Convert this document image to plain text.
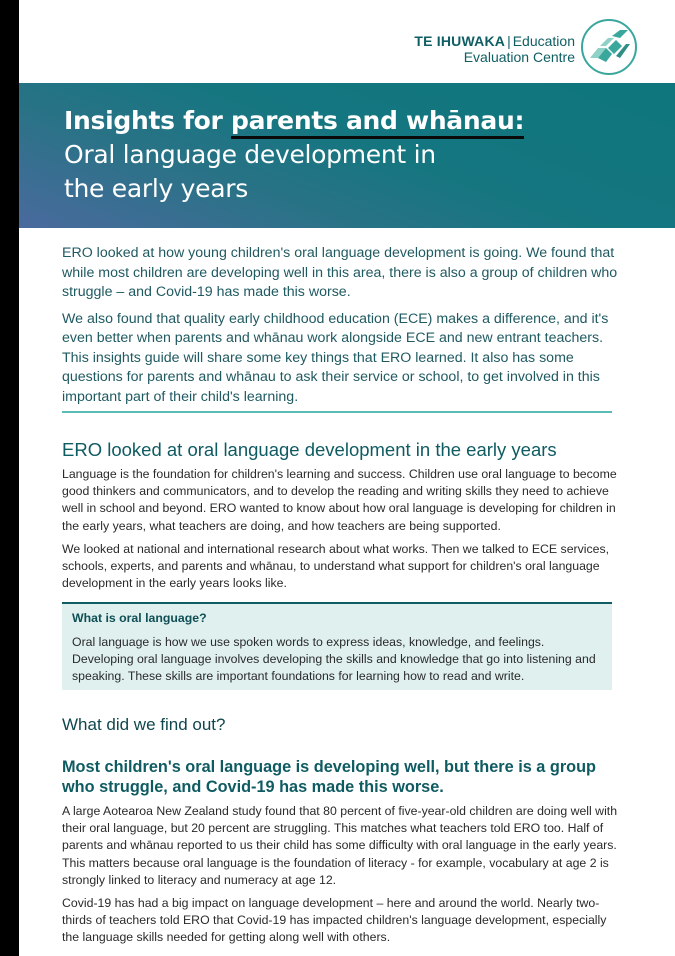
TE IHUWAKA | Education
Evaluation Centre
Insights for parents and whānau:
Oral language development in
the early years

ERO looked at how young children's oral language development is going. We found that while most children are developing well in this area, there is also a group of children who struggle – and Covid-19 has made this worse.

We also found that quality early childhood education (ECE) makes a difference, and it's even better when parents and whānau work alongside ECE and new entrant teachers. This insights guide will share some key things that ERO learned. It also has some questions for parents and whānau to ask their service or school, to get involved in this important part of their child's learning.

ERO looked at oral language development in the early years

Language is the foundation for children's learning and success. Children use oral language to become good thinkers and communicators, and to develop the reading and writing skills they need to achieve well in school and beyond. ERO wanted to know about how oral language is developing for children in the early years, what teachers are doing, and how teachers are being supported.

We looked at national and international research about what works. Then we talked to ECE services, schools, experts, and parents and whānau, to understand what support for children's oral language development in the early years looks like.

What is oral language?

Oral language is how we use spoken words to express ideas, knowledge, and feelings. Developing oral language involves developing the skills and knowledge that go into listening and speaking. These skills are important foundations for learning how to read and write.

What did we find out?
Most children's oral language is developing well, but there is a group who struggle, and Covid-19 has made this worse.

A large Aotearoa New Zealand study found that 80 percent of five-year-old children are doing well with their oral language, but 20 percent are struggling. This matches what teachers told ERO too. Half of parents and whānau reported to us their child has some difficulty with oral language in the early years. This matters because oral language is the foundation of literacy - for example, vocabulary at age 2 is strongly linked to literacy and numeracy at age 12.

Covid-19 has had a big impact on language development – here and around the world. Nearly two-thirds of teachers told ERO that Covid-19 has impacted children's language development, especially the language skills needed for getting along well with others.
